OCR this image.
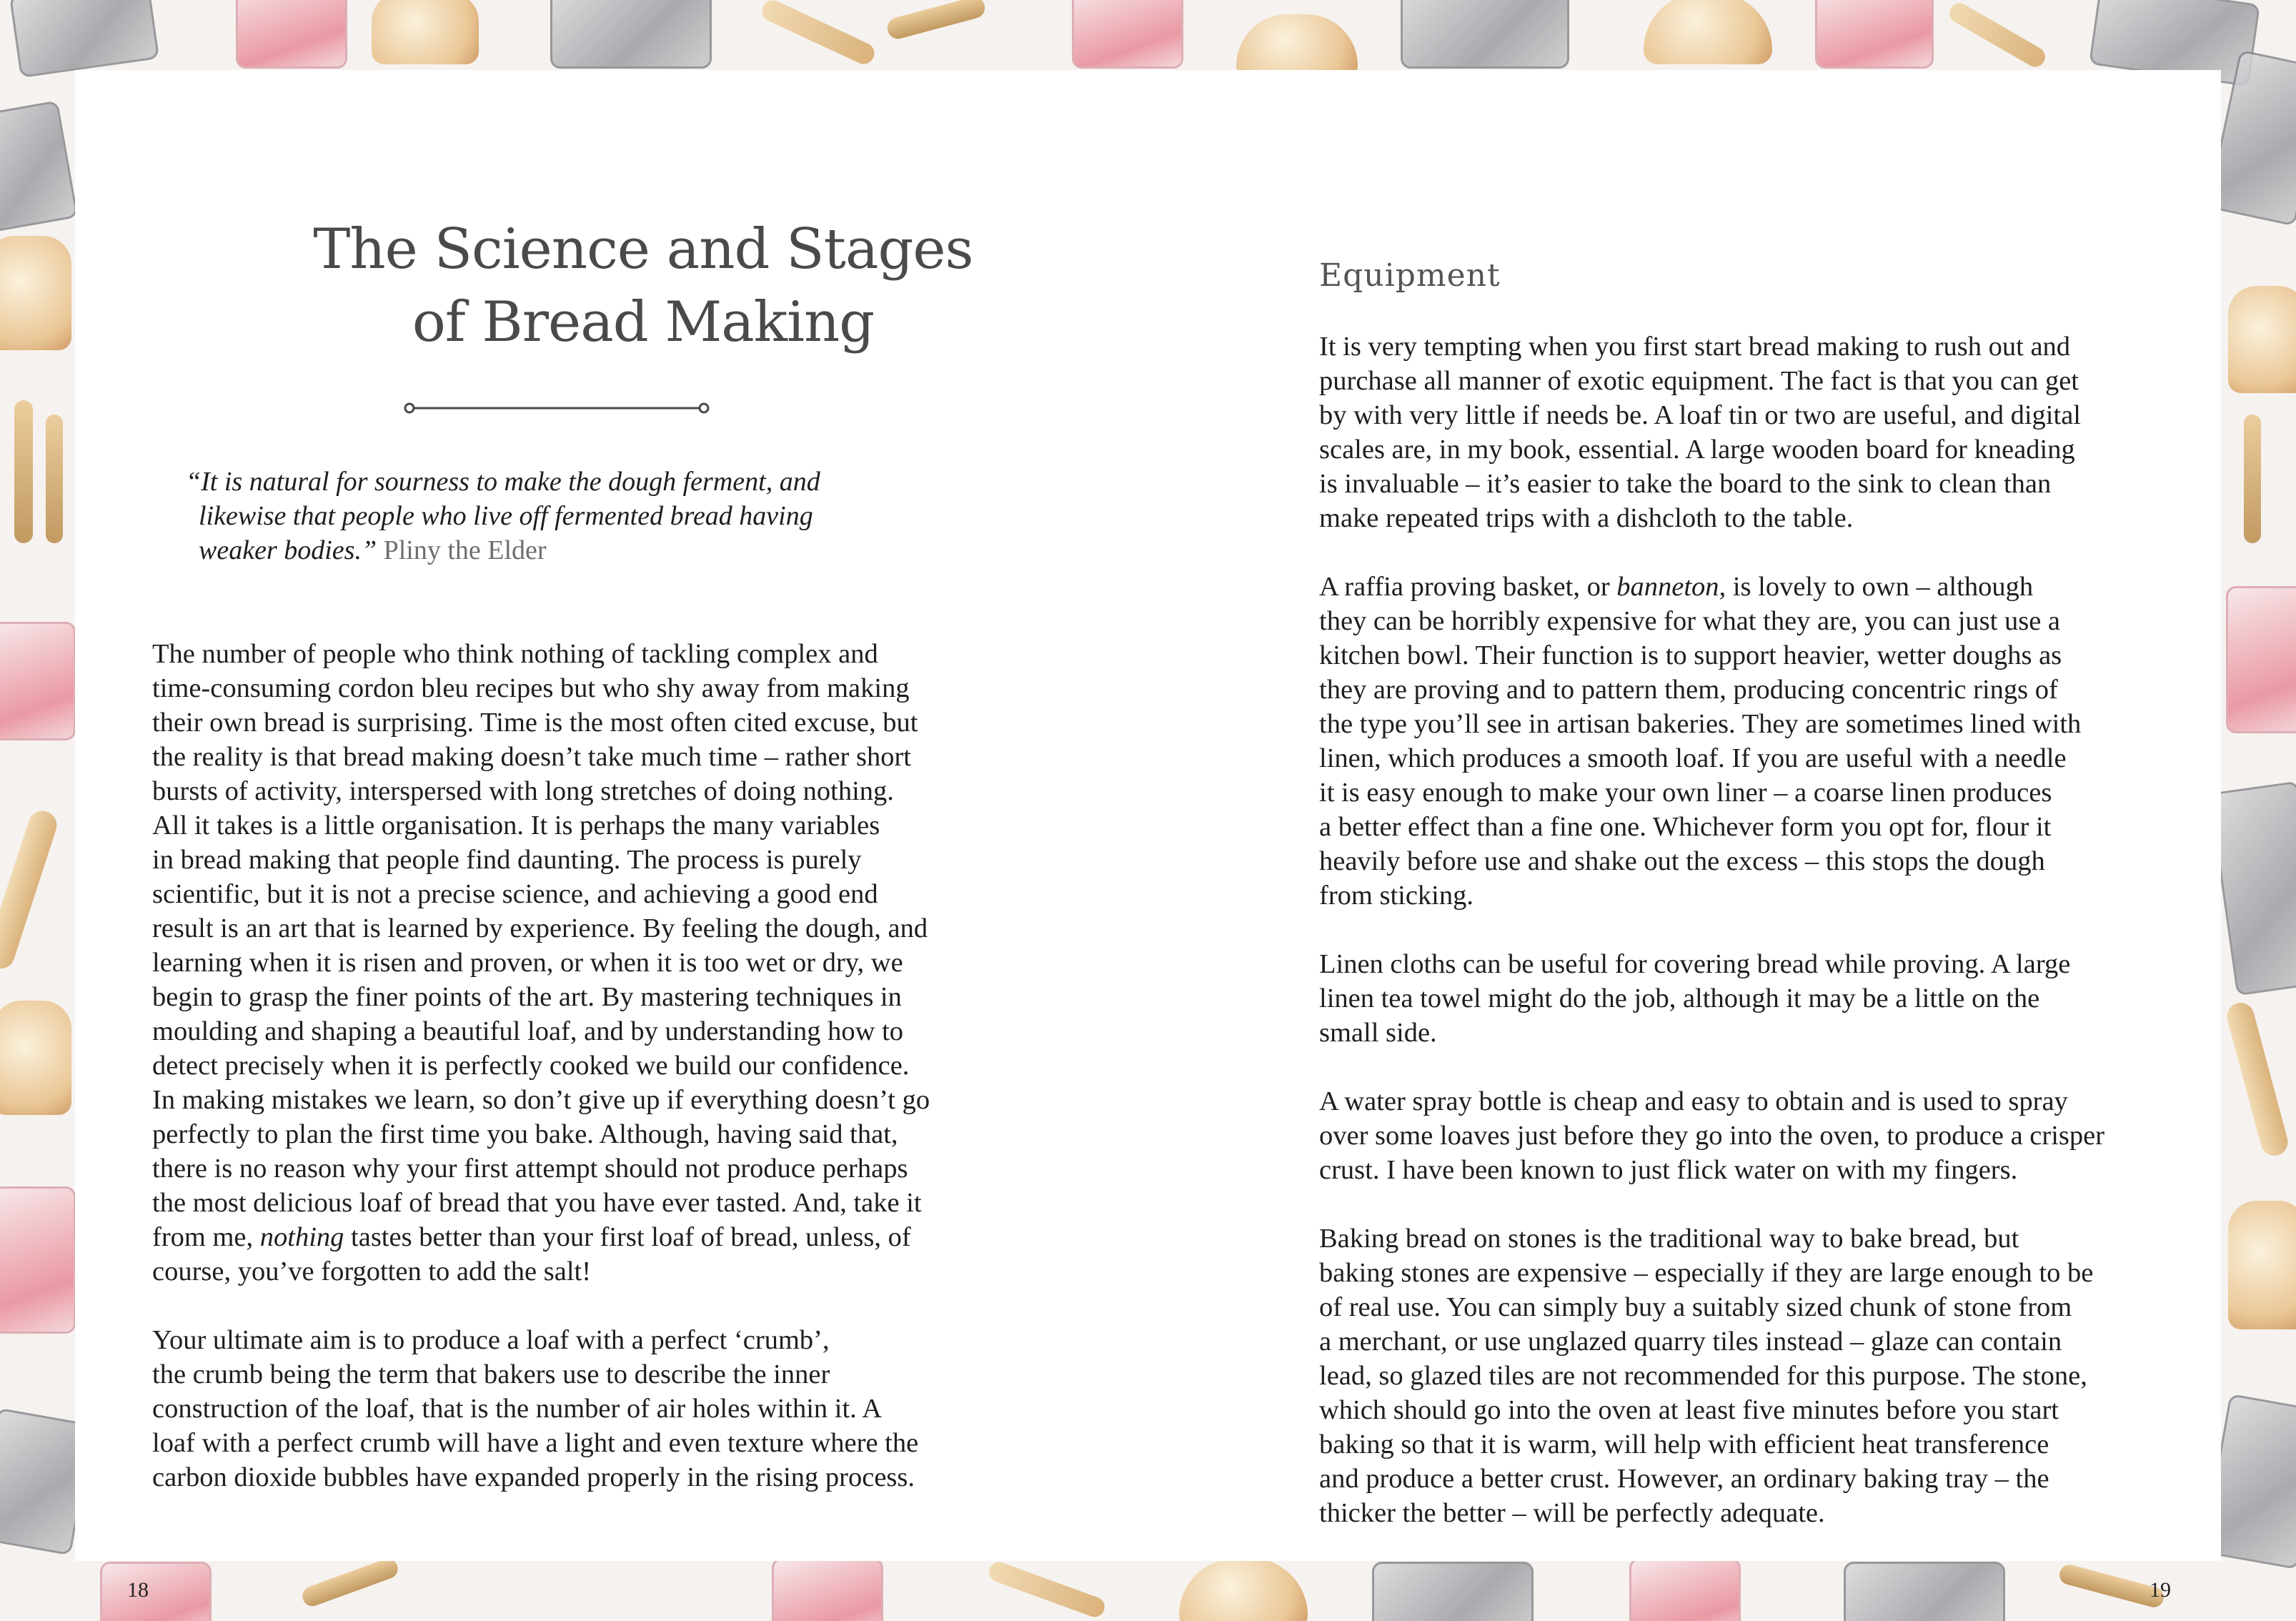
The Science and Stages
of Bread Making

“It is natural for sourness to make the dough ferment, and

likewise that people who live off fermented bread having

weaker bodies.” Pliny the Elder

The number of people who think nothing of tackling complex and
time-consuming cordon bleu recipes but who shy away from making
their own bread is surprising. Time is the most often cited excuse, but
the reality is that bread making doesn’t take much time – rather short
bursts of activity, interspersed with long stretches of doing nothing.
All it takes is a little organisation. It is perhaps the many variables
in bread making that people find daunting. The process is purely
scientific, but it is not a precise science, and achieving a good end
result is an art that is learned by experience. By feeling the dough, and
learning when it is risen and proven, or when it is too wet or dry, we
begin to grasp the finer points of the art. By mastering techniques in
moulding and shaping a beautiful loaf, and by understanding how to
detect precisely when it is perfectly cooked we build our confidence.
In making mistakes we learn, so don’t give up if everything doesn’t go
perfectly to plan the first time you bake. Although, having said that,
there is no reason why your first attempt should not produce perhaps
the most delicious loaf of bread that you have ever tasted. And, take it
from me, nothing tastes better than your first loaf of bread, unless, of
course, you’ve forgotten to add the salt!

Your ultimate aim is to produce a loaf with a perfect ‘crumb’,
the crumb being the term that bakers use to describe the inner
construction of the loaf, that is the number of air holes within it. A
loaf with a perfect crumb will have a light and even texture where the
carbon dioxide bubbles have expanded properly in the rising process.

18
Equipment

It is very tempting when you first start bread making to rush out and
purchase all manner of exotic equipment. The fact is that you can get
by with very little if needs be. A loaf tin or two are useful, and digital
scales are, in my book, essential. A large wooden board for kneading
is invaluable – it’s easier to take the board to the sink to clean than
make repeated trips with a dishcloth to the table.

A raffia proving basket, or banneton, is lovely to own – although
they can be horribly expensive for what they are, you can just use a
kitchen bowl. Their function is to support heavier, wetter doughs as
they are proving and to pattern them, producing concentric rings of
the type you’ll see in artisan bakeries. They are sometimes lined with
linen, which produces a smooth loaf. If you are useful with a needle
it is easy enough to make your own liner – a coarse linen produces
a better effect than a fine one. Whichever form you opt for, flour it
heavily before use and shake out the excess – this stops the dough
from sticking.

Linen cloths can be useful for covering bread while proving. A large
linen tea towel might do the job, although it may be a little on the
small side.

A water spray bottle is cheap and easy to obtain and is used to spray
over some loaves just before they go into the oven, to produce a crisper
crust. I have been known to just flick water on with my fingers.

Baking bread on stones is the traditional way to bake bread, but
baking stones are expensive – especially if they are large enough to be
of real use. You can simply buy a suitably sized chunk of stone from
a merchant, or use unglazed quarry tiles instead – glaze can contain
lead, so glazed tiles are not recommended for this purpose. The stone,
which should go into the oven at least five minutes before you start
baking so that it is warm, will help with efficient heat transference
and produce a better crust. However, an ordinary baking tray – the
thicker the better – will be perfectly adequate.

19
